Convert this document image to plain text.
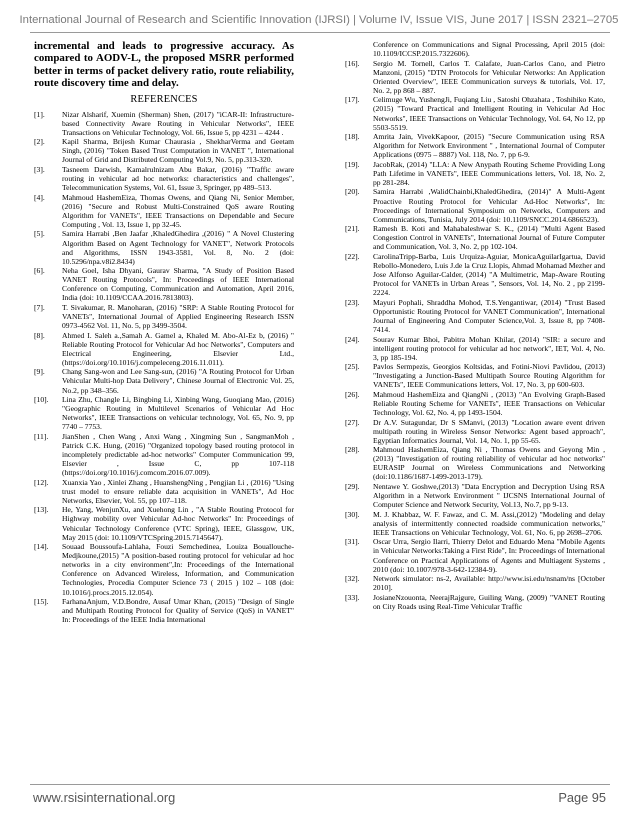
International Journal of Research and Scientific Innovation (IJRSI) | Volume IV, Issue VIS, June 2017 | ISSN 2321–2705

incremental and leads to progressive accuracy. As compared to AODV-L, the proposed MSRR performed better in terms of packet delivery ratio, route reliability, route discovery time and delay.

REFERENCES
[1].	Nizar Alsharif, Xuemin (Sherman) Shen, (2017) "iCAR-II: Infrastructure-based Connectivity Aware Routing in Vehicular Networks", IEEE Transactions on Vehicular Technology, Vol. 66, Issue 5, pp 4231 – 4244 .
[2].	Kapil Sharma, Brijesh Kumar Chaurasia , ShekharVerma and Geetam Singh, (2016) "Token Based Trust Computation in VANET ", International Journal of Grid and Distributed Computing Vol.9, No. 5, pp.313-320.
[3].	Tasneem Darwish, Kamalrulnizam Abu Bakar, (2016) "Traffic aware routing in vehicular ad hoc networks: characteristics and challenges", Telecommunication Systems, Vol. 61, Issue 3, Springer, pp 489–513.
[4].	Mahmoud HashemEiza, Thomas Owens, and Qiang Ni, Senior Member, (2016) "Secure and Robust Multi-Constrained QoS aware Routing Algorithm for VANETs", IEEE Transactions on Dependable and Secure Computing , Vol. 13, Issue 1, pp 32-45.
[5].	Samira Harrabi ,Ben Jaafar ,KhaledGhedira ,(2016) " A Novel Clustering Algorithm Based on Agent Technology for VANET", Network Protocols and Algorithms, ISSN 1943-3581, Vol. 8, No. 2 (doi: 10.5296/npa.v8i2.8434)
[6].	Neha Goel, Isha Dhyani, Gaurav Sharma, "A Study of Position Based VANET Routing Protocols", In: Proceedings of IEEE International Conference on Computing, Communication and Automation, April 2016, India (doi: 10.1109/CCAA.2016.7813803).
[7].	T. Sivakumar, R. Manoharan, (2016) "SRP: A Stable Routing Protocol for VANETs", International Journal of Applied Engineering Research ISSN 0973-4562 Vol. 11, No. 5, pp 3499-3504.
[8].	Ahmed I. Saleh a.,Samah A. Gamel a, Khaled M. Abo-Al-Ez b, (2016) " Reliable Routing Protocol for Vehicular Ad hoc Networks", Computers and Electrical Engineering, Elsevier Ltd., (https://doi.org/10.1016/j.compeleceng.2016.11.011).
[9].	Chang Sang-won and Lee Sang-sun, (2016) "A Routing Protocol for Urban Vehicular Multi-hop Data Delivery", Chinese Journal of Electronic Vol. 25, No.2, pp 348–356.
[10].	Lina Zhu, Changle Li, Bingbing Li, Xinbing Wang, Guoqiang Mao, (2016) "Geographic Routing in Multilevel Scenarios of Vehicular Ad Hoc Networks", IEEE Transactions on vehicular technology, Vol. 65, No. 9, pp 7740 – 7753.
[11].	JianShen , Chen Wang , Anxi Wang , Xingming Sun , SangmanMoh , Patrick C.K. Hung, (2016) "Organized topology based routing protocol in incompletely predictable ad-hoc networks" Computer Communication 99, Elsevier , Issue C, pp 107-118 (https://doi.org/10.1016/j.comcom.2016.07.009).
[12].	Xuanxia Yao , Xinlei Zhang , HuanshengNing , Pengjian Li , (2016) "Using trust model to ensure reliable data acquisition in VANETs", Ad Hoc Networks, Elsevier, Vol. 55, pp 107–118.
[13].	He, Yang, WenjunXu, and Xuehong Lin , "A Stable Routing Protocol for Highway mobility over Vehicular Ad-hoc Networks" In: Proceedings of Vehicular Technology Conference (VTC Spring), IEEE, Glassgow, UK, May 2015 (doi: 10.1109/VTCSpring.2015.7145647).
[14].	Souaad Boussoufa-Lahlaha, Fouzi Semchedinea, Louiza Bouallouche-Medjkoune,(2015) "A position-based routing protocol for vehicular ad hoc networks in a city environment",In: Proceedings of the International Conference on Advanced Wireless, Information, and Communication Technologies, Procedia Computer Science 73 ( 2015 ) 102 – 108 (doi: 10.1016/j.procs.2015.12.054).
[15].	FarhanaAnjum, V.D.Bondre, Ausaf Umar Khan, (2015) "Design of Single and Multipath Routing Protocol for Quality of Service (QoS) in VANET" In: Proceedings of the IEEE India International
Conference on Communications and Signal Processing, April 2015 (doi: 10.1109/ICCSP.2015.7322606).
[16].	Sergio M. Tornell, Carlos T. Calafate, Juan-Carlos Cano, and Pietro Manzoni, (2015) "DTN Protocols for Vehicular Networks: An Application Oriented Overview", IEEE Communication surveys & tutorials, Vol. 17, No. 2, pp 868 – 887.
[17].	Celimuge Wu, YushengJi, Fuqiang Liu , Satoshi Ohzahata , Toshihiko Kato, (2015) "Toward Practical and Intelligent Routing in Vehicular Ad Hoc Networks", IEEE Transactions on Vehicular Technology, Vol. 64, No 12, pp 5503-5519.
[18].	Amrita Jain, VivekKapoor, (2015) "Secure Communication using RSA Algorithm for Network Environment " , International Journal of Computer Applications (0975 – 8887) Vol. 118, No. 7, pp 6-9.
[19].	JacobRak, (2014) "LLA: A New Anypath Routing Scheme Providing Long Path Lifetime in VANETs", IEEE Communications letters, Vol. 18, No. 2, pp 281-284.
[20].	Samira Harrabi ,WalidChainbi,KhaledGhedira, (2014)" A Multi-Agent Proactive Routing Protocol for Vehicular Ad-Hoc Networks", In: Proceedings of International Symposium on Networks, Computers and Communications, Tunisia, July 2014 (doi: 10.1109/SNCC.2014.6866523).
[21].	Ramesh B. Koti and Mahabaleshwar S. K., (2014) "Multi Agent Based Congestion Control in VANETs", International Journal of Future Computer and Communication, Vol. 3, No. 2, pp 102-104.
[22].	CarolinaTripp-Barba, Luis Urquiza-Aguiar, MonicaAguilarIgartua, David Rebollo-Monedero, Luis J.de la Cruz Llopis, Ahmad Mohamad Mezher and Jose Alfonso Aguilar-Calder, (2014) "A Multimetric, Map-Aware Routing Protocol for VANETs in Urban Areas ", Sensors, Vol. 14, No. 2 , pp 2199-2224.
[23].	Mayuri Pophali, Shraddha Mohod, T.S.Yengantiwar, (2014) "Trust Based Opportunistic Routing Protocol for VANET Communication", International Journal of Engineering And Computer Science,Vol. 3, Issue 8, pp 7408-7414.
[24].	Sourav Kumar Bhoi, Pabitra Mohan Khilar, (2014) "SIR: a secure and intelligent routing protocol for vehicular ad hoc network", IET, Vol. 4, No. 3, pp 185-194.
[25].	Pavlos Sermpezis, Georgios Koltsidas, and Fotini-Niovi Pavlidou, (2013) "Investigating a Junction-Based Multipath Source Routing Algorithm for VANETs", IEEE Communications letters, Vol. 17, No. 3, pp 600-603.
[26].	Mahmoud HashemEiza and QiangNi , (2013) "An Evolving Graph-Based Reliable Routing Scheme for VANETs", IEEE Transactions on Vehicular Technology, Vol. 62, No. 4, pp 1493-1504.
[27].	Dr A.V. Sutagundar, Dr S SManvi, (2013) "Location aware event driven multipath routing in Wireless Sensor Networks: Agent based approach", Egyptian Informatics Journal, Vol. 14, No. 1, pp 55-65.
[28].	Mahmoud HashemEiza, Qiang Ni , Thomas Owens and Geyong Min , (2013) "Investigation of routing reliability of vehicular ad hoc networks" EURASIP Journal on Wireless Communications and Networking (doi:10.1186/1687-1499-2013-179).
[29].	Nentawe Y. Goshwe,(2013) "Data Encryption and Decryption Using RSA Algorithm in a Network Environment " IJCSNS International Journal of Computer Science and Network Security, Vol.13, No.7, pp 9-13.
[30].	M. J. Khabbaz, W. F. Fawaz, and C. M. Assi,(2012) "Modeling and delay analysis of intermittently connected roadside communication networks," IEEE Transactions on Vehicular Technology, Vol. 61, No. 6, pp 2698–2706.
[31].	Oscar Urra, Sergio Ilarri, Thierry Delot and Eduardo Mena "Mobile Agents in Vehicular Networks:Taking a First Ride", In: Proceedings of International Conference on Practical Applications of Agents and Multiagent Systems , 2010 (doi: 10.1007/978-3-642-12384-9).
[32].	Network simulator: ns-2, Available: http://www.isi.edu/nsnam/ns [October 2010].
[33].	JosianeNzouonta, NeerajRajgure, Guiling Wang, (2009) "VANET Routing on City Roads using Real-Time Vehicular Traffic
www.rsisinternational.org	Page 95
